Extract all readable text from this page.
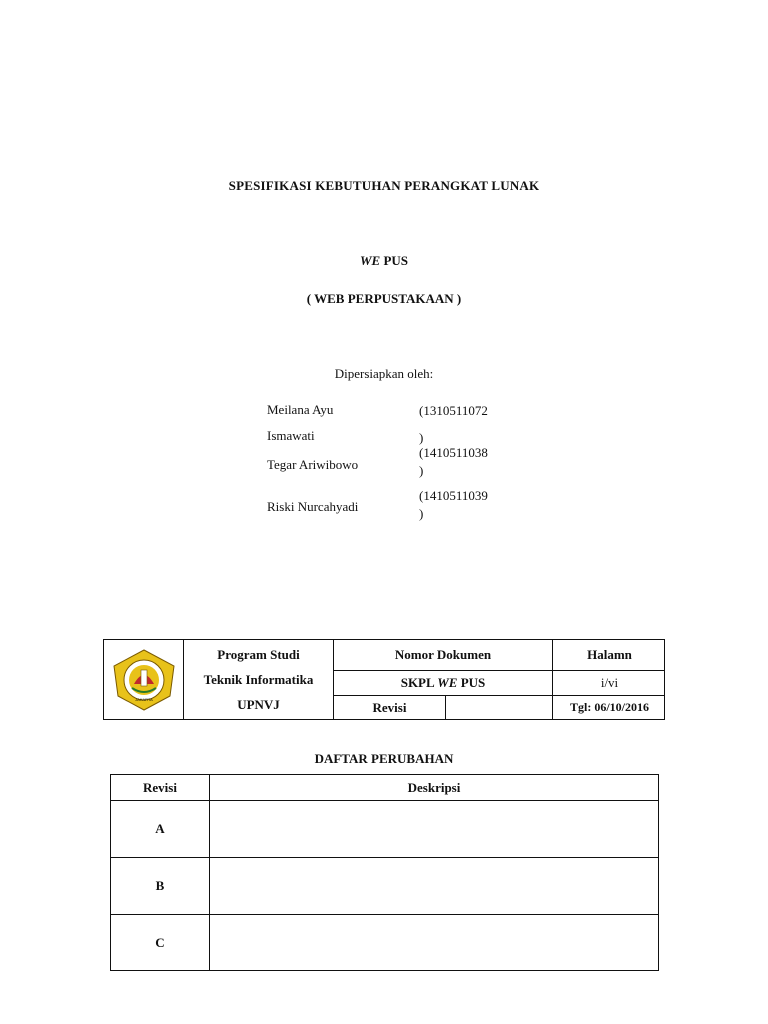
SPESIFIKASI KEBUTUHAN PERANGKAT LUNAK
WE PUS
( WEB PERPUSTAKAAN )
Dipersiapkan oleh:
Meilana Ayu
Ismawati
Tegar Ariwibowo
Riski Nurcahyadi
(1310511072
)
(1410511038
)
(1410511039
)
JAKARTA
Program Studi
Teknik Informatika
UPNVJ
Nomor Dokumen
SKPL WE PUS
Revisi
Halamn
i/vi
Tgl: 06/10/2016
DAFTAR PERUBAHAN
Revisi	Deskripsi
A
B
C
